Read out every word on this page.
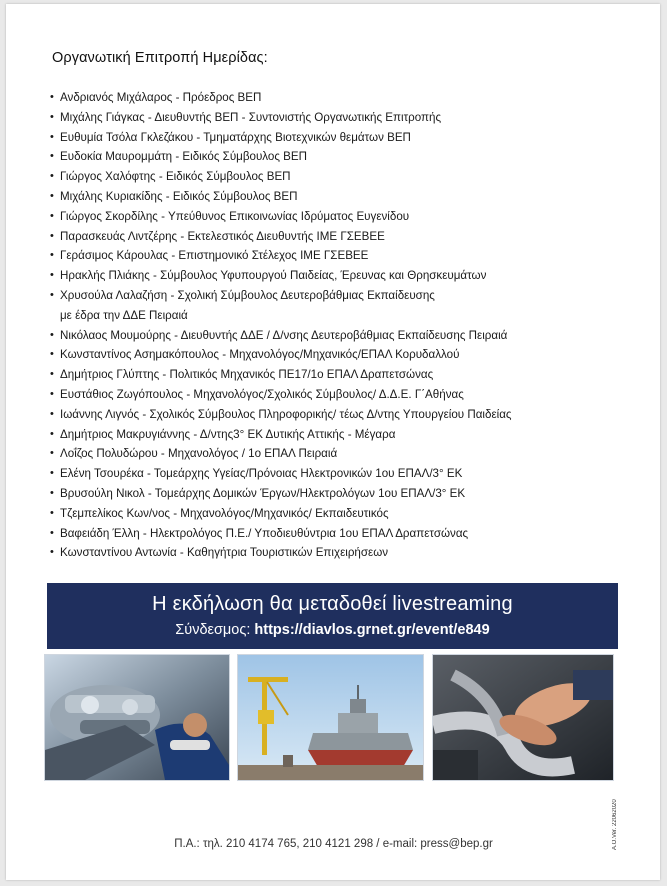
Οργανωτική Επιτροπή Ημερίδας:
• Ανδριανός Μιχάλαρος - Πρόεδρος ΒΕΠ
• Μιχάλης Γιάγκας - Διευθυντής ΒΕΠ - Συντονιστής Οργανωτικής Επιτροπής
• Ευθυμία Τσόλα Γκλεζάκου - Τμηματάρχης Βιοτεχνικών θεμάτων ΒΕΠ
• Ευδοκία Μαυρομμάτη - Ειδικός Σύμβουλος ΒΕΠ
• Γιώργος Χαλόφτης - Ειδικός Σύμβουλος ΒΕΠ
• Μιχάλης Κυριακίδης - Ειδικός Σύμβουλος ΒΕΠ
• Γιώργος Σκορδίλης - Υπεύθυνος Επικοινωνίας Ιδρύματος Ευγενίδου
• Παρασκευάς Λιντζέρης - Εκτελεστικός Διευθυντής ΙΜΕ ΓΣΕΒΕΕ
• Γεράσιμος Κάρουλας - Επιστημονικό Στέλεχος ΙΜΕ ΓΣΕΒΕΕ
• Ηρακλής Πλιάκης - Σύμβουλος Υφυπουργού Παιδείας, Έρευνας και Θρησκευμάτων
• Χρυσούλα Λαλαζήση - Σχολική Σύμβουλος Δευτεροβάθμιας Εκπαίδευσης
με έδρα την ΔΔΕ Πειραιά
• Νικόλαος Μουμούρης - Διευθυντής ΔΔΕ / Δ/νσης Δευτεροβάθμιας Εκπαίδευσης Πειραιά
• Κωνσταντίνος Ασημακόπουλος - Μηχανολόγος/Μηχανικός/ΕΠΑΛ Κορυδαλλού
• Δημήτριος Γλύπτης - Πολιτικός Μηχανικός ΠΕ17/1ο ΕΠΑΛ Δραπετσώνας
• Ευστάθιος Ζωγόπουλος - Μηχανολόγος/Σχολικός Σύμβουλος/ Δ.Δ.Ε. Γ΄Αθήνας
• Ιωάννης Λιγνός - Σχολικός Σύμβουλος Πληροφορικής/ τέως Δ/ντης Υπουργείου Παιδείας
• Δημήτριος Μακρυγιάννης - Δ/ντης3° ΕΚ Δυτικής Αττικής - Μέγαρα
• Λοΐζος Πολυδώρου - Μηχανολόγος / 1ο ΕΠΑΛ Πειραιά
• Ελένη Τσουρέκα - Τομεάρχης Υγείας/Πρόνοιας Ηλεκτρονικών 1ου ΕΠΑΛ/3° ΕΚ
• Βρυσούλη Νικολ - Τομεάρχης Δομικών Έργων/Ηλεκτρολόγων 1ου ΕΠΑΛ/3° ΕΚ
• Τζεμπελίκος Κων/νος - Μηχανολόγος/Μηχανικός/ Εκπαιδευτικός
• Βαφειάδη Έλλη - Ηλεκτρολόγος Π.Ε./ Υποδιευθύντρια 1ου ΕΠΑΛ Δραπετσώνας
• Κωνσταντίνου Αντωνία - Καθηγήτρια Τουριστικών Επιχειρήσεων
Η εκδήλωση θα μεταδοθεί livestreaming
Σύνδεσμος: https://diavlos.grnet.gr/event/e849
Α.Ο.Ver. 22062020
Π.Α.: τηλ. 210 4174 765, 210 4121 298 / e-mail: press@bep.gr
